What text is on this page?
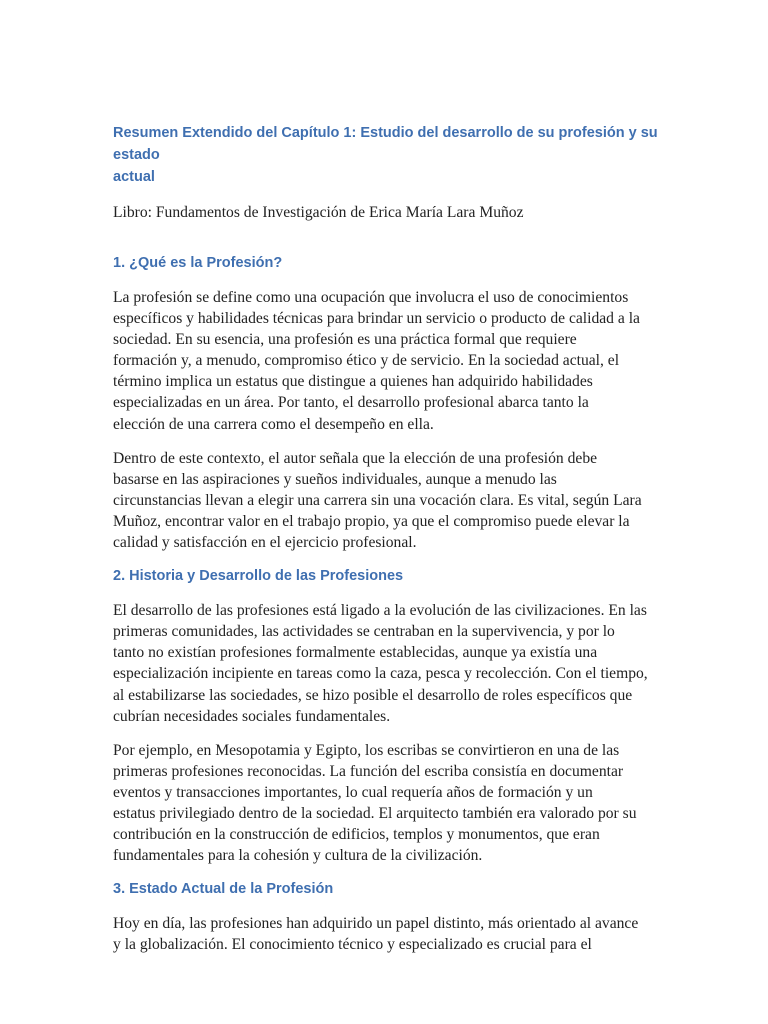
Resumen Extendido del Capítulo 1: Estudio del desarrollo de su profesión y su estado
actual

Libro: Fundamentos de Investigación de Erica María Lara Muñoz

1. ¿Qué es la Profesión?

La profesión se define como una ocupación que involucra el uso de conocimientos
específicos y habilidades técnicas para brindar un servicio o producto de calidad a la
sociedad. En su esencia, una profesión es una práctica formal que requiere
formación y, a menudo, compromiso ético y de servicio. En la sociedad actual, el
término implica un estatus que distingue a quienes han adquirido habilidades
especializadas en un área. Por tanto, el desarrollo profesional abarca tanto la
elección de una carrera como el desempeño en ella.

Dentro de este contexto, el autor señala que la elección de una profesión debe
basarse en las aspiraciones y sueños individuales, aunque a menudo las
circunstancias llevan a elegir una carrera sin una vocación clara. Es vital, según Lara
Muñoz, encontrar valor en el trabajo propio, ya que el compromiso puede elevar la
calidad y satisfacción en el ejercicio profesional.

2. Historia y Desarrollo de las Profesiones

El desarrollo de las profesiones está ligado a la evolución de las civilizaciones. En las
primeras comunidades, las actividades se centraban en la supervivencia, y por lo
tanto no existían profesiones formalmente establecidas, aunque ya existía una
especialización incipiente en tareas como la caza, pesca y recolección. Con el tiempo,
al estabilizarse las sociedades, se hizo posible el desarrollo de roles específicos que
cubrían necesidades sociales fundamentales.

Por ejemplo, en Mesopotamia y Egipto, los escribas se convirtieron en una de las
primeras profesiones reconocidas. La función del escriba consistía en documentar
eventos y transacciones importantes, lo cual requería años de formación y un
estatus privilegiado dentro de la sociedad. El arquitecto también era valorado por su
contribución en la construcción de edificios, templos y monumentos, que eran
fundamentales para la cohesión y cultura de la civilización.

3. Estado Actual de la Profesión

Hoy en día, las profesiones han adquirido un papel distinto, más orientado al avance
y la globalización. El conocimiento técnico y especializado es crucial para el
